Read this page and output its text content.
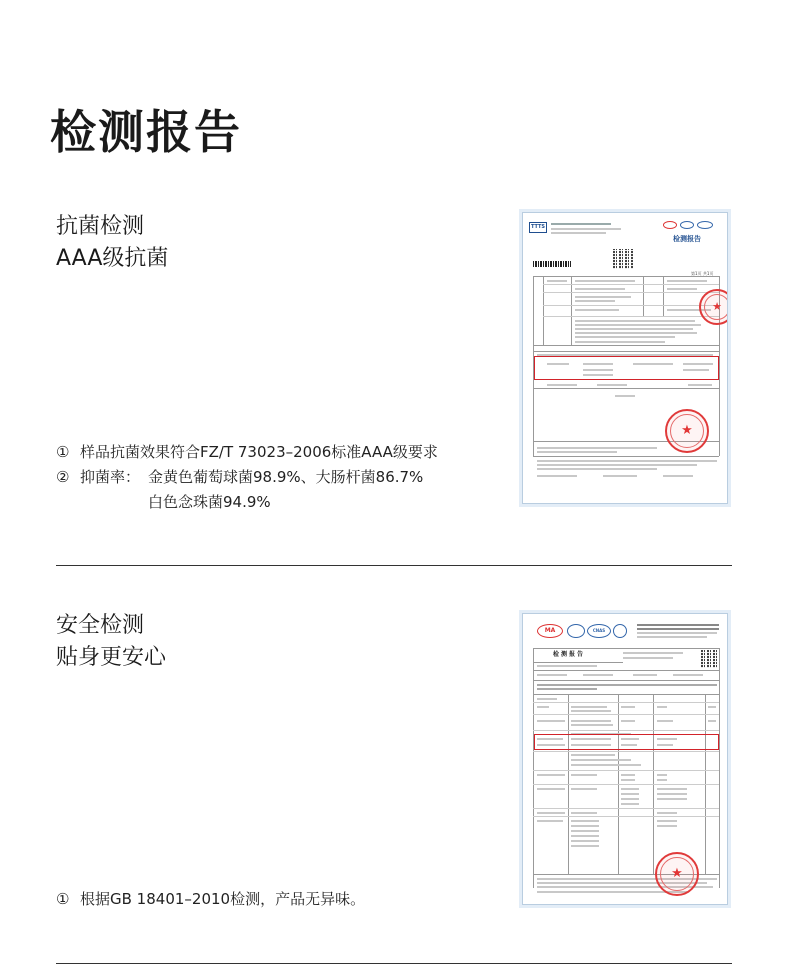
检测报告
抗菌检测
AAA级抗菌
① 样品抗菌效果符合FZ/T 73023–2006标准AAA级要求
② 抑菌率： 金黄色葡萄球菌98.9%、大肠杆菌86.7%
白色念珠菌94.9%
TTTS
检测报告
第1页 共1页
★
★
安全检测
贴身更安心
① 根据GB 18401–2010检测，产品无异味。
MA	CNAS
检测报告
★
